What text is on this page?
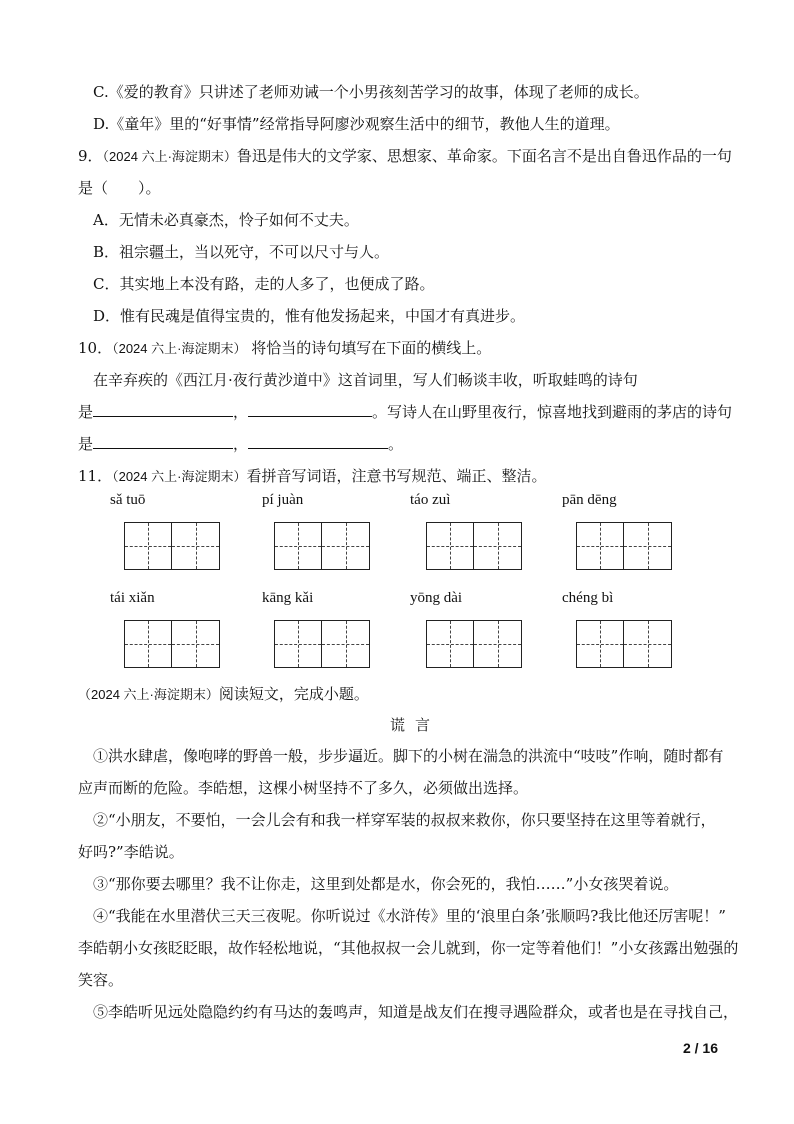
C.《爱的教育》只讲述了老师劝诫一个小男孩刻苦学习的故事，体现了老师的成长。
D.《童年》里的“好事情”经常指导阿廖沙观察生活中的细节，教他人生的道理。
9．（2024 六上·海淀期末）鲁迅是伟大的文学家、思想家、革命家。下面名言不是出自鲁迅作品的一句
是（　　）。
A．无情未必真豪杰，怜子如何不丈夫。
B．祖宗疆土，当以死守，不可以尺寸与人。
C．其实地上本没有路，走的人多了，也便成了路。
D．惟有民魂是值得宝贵的，惟有他发扬起来，中国才有真进步。
10．（2024 六上·海淀期末） 将恰当的诗句填写在下面的横线上。
在辛弃疾的《西江月·夜行黄沙道中》这首词里，写人们畅谈丰收，听取蛙鸣的诗句
是	，	。写诗人在山野里夜行，惊喜地找到避雨的茅店的诗句
是	，	。
11．（2024 六上·海淀期末）看拼音写词语，注意书写规范、端正、整洁。
sǎ tuō	pí juàn	táo zuì	pān dēng
tái xiǎn	kāng kǎi	yōng dài	chéng bì
（2024 六上·海淀期末）阅读短文，完成小题。
谎言
①洪水肆虐，像咆哮的野兽一般，步步逼近。脚下的小树在湍急的洪流中“吱吱”作响，随时都有
应声而断的危险。李皓想，这棵小树坚持不了多久，必须做出选择。
②“小朋友，不要怕，一会儿会有和我一样穿军装的叔叔来救你，你只要坚持在这里等着就行，
好吗?”李皓说。
③“那你要去哪里？我不让你走，这里到处都是水，你会死的，我怕……”小女孩哭着说。
④“我能在水里潜伏三天三夜呢。你听说过《水浒传》里的‘浪里白条’张顺吗?我比他还厉害呢！”
李皓朝小女孩眨眨眼，故作轻松地说，“其他叔叔一会儿就到，你一定等着他们！”小女孩露出勉强的
笑容。
⑤李皓听见远处隐隐约约有马达的轰鸣声，知道是战友们在搜寻遇险群众，或者也是在寻找自己，
2 / 16
